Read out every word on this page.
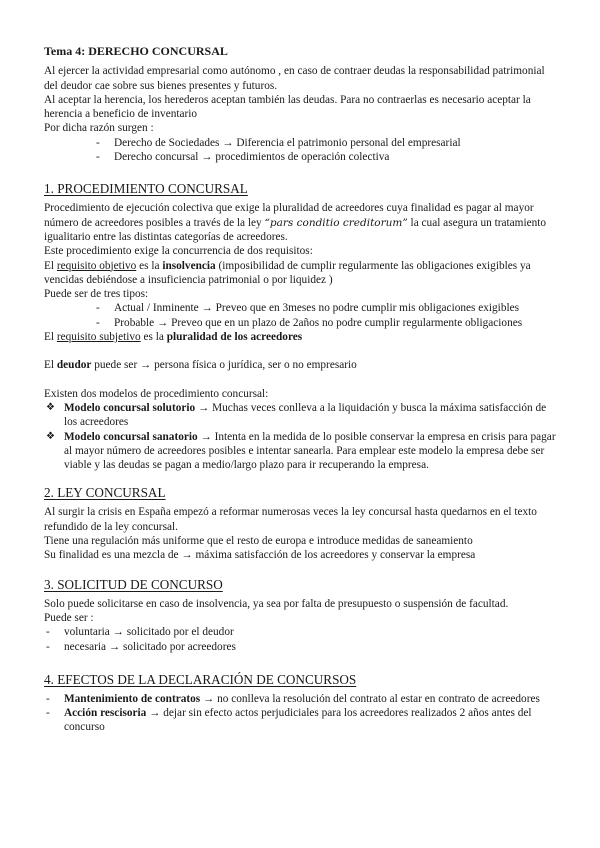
Tema 4: DERECHO CONCURSAL

Al ejercer la actividad empresarial como autónomo , en caso de contraer deudas la responsabilidad patrimonial del deudor cae sobre sus bienes presentes y futuros.

Al aceptar la herencia, los herederos aceptan también las deudas. Para no contraerlas es necesario aceptar la herencia a beneficio de inventario

Por dicha razón surgen :

- Derecho de Sociedades → Diferencia el patrimonio personal del empresarial
- Derecho concursal → procedimientos de operación colectiva

1. PROCEDIMIENTO CONCURSAL

Procedimiento de ejecución colectiva que exige la pluralidad de acreedores cuya finalidad es pagar al mayor número de acreedores posibles a través de la ley “pars conditio creditorum” la cual asegura un tratamiento igualitario entre las distintas categorías de acreedores.

Este procedimiento exige la concurrencia de dos requisitos:

El requisito objetivo es la insolvencia (imposibilidad de cumplir regularmente las obligaciones exigibles ya vencidas debiéndose a insuficiencia patrimonial o por liquidez )

Puede ser de tres tipos:

- Actual / Inminente → Preveo que en 3meses no podre cumplir mis obligaciones exigibles
- Probable → Preveo que en un plazo de 2años no podre cumplir regularmente obligaciones

El requisito subjetivo es la pluralidad de los acreedores

El deudor puede ser → persona física o jurídica, ser o no empresario

Existen dos modelos de procedimiento concursal:

❖ Modelo concursal solutorio → Muchas veces conlleva a la liquidación y busca la máxima satisfacción de los acreedores
❖ Modelo concursal sanatorio → Intenta en la medida de lo posible conservar la empresa en crisis para pagar al mayor número de acreedores posibles e intentar sanearla. Para emplear este modelo la empresa debe ser viable y las deudas se pagan a medio/largo plazo para ir recuperando la empresa.

2. LEY CONCURSAL

Al surgir la crisis en España empezó a reformar numerosas veces la ley concursal hasta quedarnos en el texto refundido de la ley concursal.

Tiene una regulación más uniforme que el resto de europa e introduce medidas de saneamiento

Su finalidad es una mezcla de → máxima satisfacción de los acreedores y conservar la empresa

3. SOLICITUD DE CONCURSO

Solo puede solicitarse en caso de insolvencia, ya sea por falta de presupuesto o suspensión de facultad.

Puede ser :

- voluntaria → solicitado por el deudor
- necesaria → solicitado por acreedores

4. EFECTOS DE LA DECLARACIÓN DE CONCURSOS

- Mantenimiento de contratos → no conlleva la resolución del contrato al estar en contrato de acreedores
- Acción rescisoria → dejar sin efecto actos perjudiciales para los acreedores realizados 2 años antes del concurso
